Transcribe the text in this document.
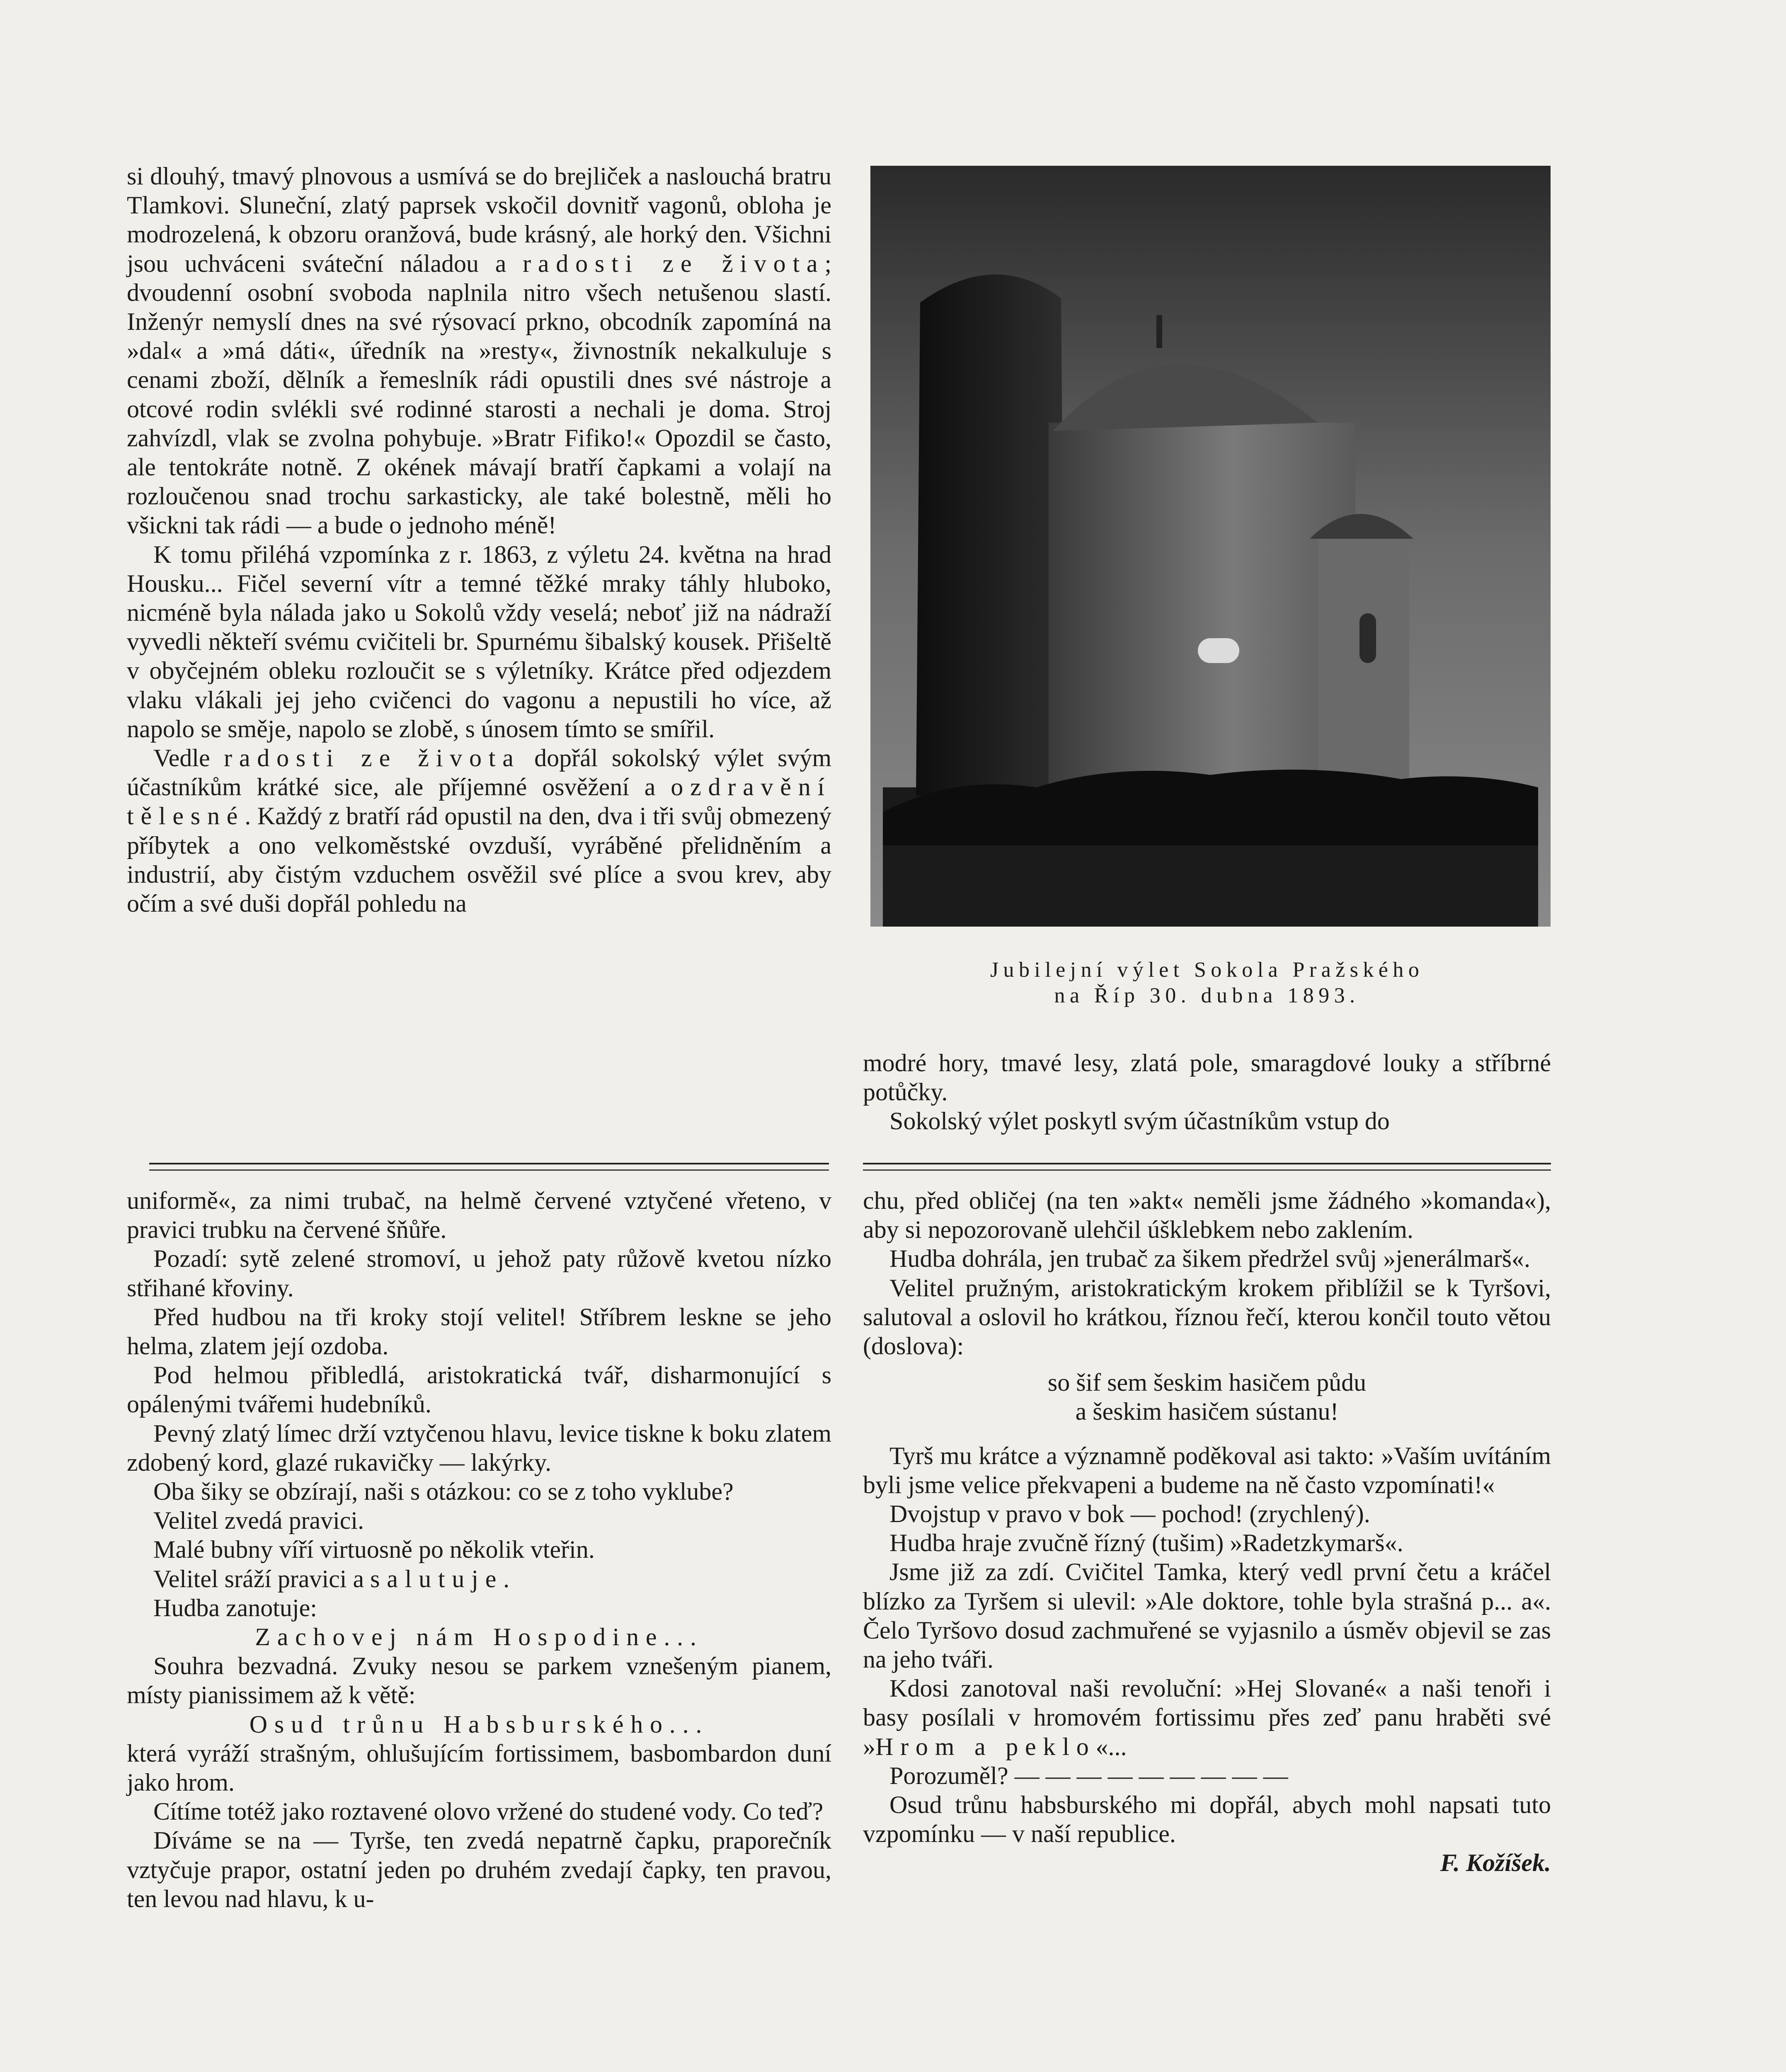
si dlouhý, tmavý plnovous a usmívá se do brejliček a naslouchá bratru Tlamkovi. Sluneční, zlatý paprsek vskočil dovnitř vagonů, obloha je modrozelená, k obzoru oranžová, bude krásný, ale horký den. Všichni jsou uchváceni sváteční náladou a radosti ze života; dvoudenní osobní svoboda naplnila nitro všech netušenou slastí. Inženýr nemyslí dnes na své rýsovací prkno, obcodník zapomíná na »dal« a »má dáti«, úředník na »resty«, živnostník nekalkuluje s cenami zboží, dělník a řemeslník rádi opustili dnes své nástroje a otcové rodin svlékli své rodinné starosti a nechali je doma. Stroj zahvízdl, vlak se zvolna pohybuje. »Bratr Fifiko!« Opozdil se často, ale tentokráte notně. Z okének mávají bratří čapkami a volají na rozloučenou snad trochu sarkasticky, ale také bolestně, měli ho všickni tak rádi — a bude o jednoho méně!

K tomu přiléhá vzpomínka z r. 1863, z výletu 24. května na hrad Housku... Fičel severní vítr a temné těžké mraky táhly hluboko, nicméně byla nálada jako u Sokolů vždy veselá; neboť již na nádraží vyvedli někteří svému cvičiteli br. Spurnému šibalský kousek. Přišeltě v obyčejném obleku rozloučit se s výletníky. Krátce před odjezdem vlaku vlákali jej jeho cvičenci do vagonu a nepustili ho více, až napolo se směje, napolo se zlobě, s únosem tímto se smířil.

Vedle radosti ze života dopřál sokolský výlet svým účastníkům krátké sice, ale příjemné osvěžení a ozdravění tělesné. Každý z bratří rád opustil na den, dva i tři svůj obmezený příbytek a ono velkoměstské ovzduší, vyráběné přelidněním a industrií, aby čistým vzduchem osvěžil své plíce a svou krev, aby očím a své duši dopřál pohledu na

Jubilejní výlet Sokola Pražského
na Říp 30. dubna 1893.

modré hory, tmavé lesy, zlatá pole, smaragdové louky a stříbrné potůčky.

Sokolský výlet poskytl svým účastníkům vstup do

uniformě«, za nimi trubač, na helmě červené vztyčené vřeteno, v pravici trubku na červené šňůře.

Pozadí: sytě zelené stromoví, u jehož paty růžově kvetou nízko střihané křoviny.

Před hudbou na tři kroky stojí velitel! Stříbrem leskne se jeho helma, zlatem její ozdoba.

Pod helmou přibledlá, aristokratická tvář, disharmonující s opálenými tvářemi hudebníků.

Pevný zlatý límec drží vztyčenou hlavu, levice tiskne k boku zlatem zdobený kord, glazé rukavičky — lakýrky.

Oba šiky se obzírají, naši s otázkou: co se z toho vyklube?

Velitel zvedá pravici.

Malé bubny víří virtuosně po několik vteřin.

Velitel sráží pravici a salutuje.

Hudba zanotuje:

Zachovej nám Hospodine...

Souhra bezvadná. Zvuky nesou se parkem vznešeným pianem, místy pianissimem až k větě:

Osud trůnu Habsburského...

která vyráží strašným, ohlušujícím fortissimem, basbombardon duní jako hrom.

Cítíme totéž jako roztavené olovo vržené do studené vody. Co teď?

Díváme se na — Tyrše, ten zvedá nepatrně čapku, praporečník vztyčuje prapor, ostatní jeden po druhém zvedají čapky, ten pravou, ten levou nad hlavu, k u-

chu, před obličej (na ten »akt« neměli jsme žádného »komanda«), aby si nepozorovaně ulehčil úšklebkem nebo zaklením.

Hudba dohrála, jen trubač za šikem předržel svůj »jenerálmarš«.

Velitel pružným, aristokratickým krokem přiblížil se k Tyršovi, salutoval a oslovil ho krátkou, říznou řečí, kterou končil touto větou (doslova):

so šif sem šeskim hasičem půdu

a šeskim hasičem sústanu!

Tyrš mu krátce a významně poděkoval asi takto: »Vaším uvítáním byli jsme velice překvapeni a budeme na ně často vzpomínati!«

Dvojstup v pravo v bok — pochod! (zrychlený).

Hudba hraje zvučně řízný (tušim) »Radetzkymarš«.

Jsme již za zdí. Cvičitel Tamka, který vedl první četu a kráčel blízko za Tyršem si ulevil: »Ale doktore, tohle byla strašná p... a«. Čelo Tyršovo dosud zachmuřené se vyjasnilo a úsměv objevil se zas na jeho tváři.

Kdosi zanotoval naši revoluční: »Hej Slované« a naši tenoři i basy posílali v hromovém fortissimu přes zeď panu hraběti své »Hrom a peklo«...

Porozuměl? — — — — — — — — —

Osud trůnu habsburského mi dopřál, abych mohl napsati tuto vzpomínku — v naší republice.

F. Kožíšek.
